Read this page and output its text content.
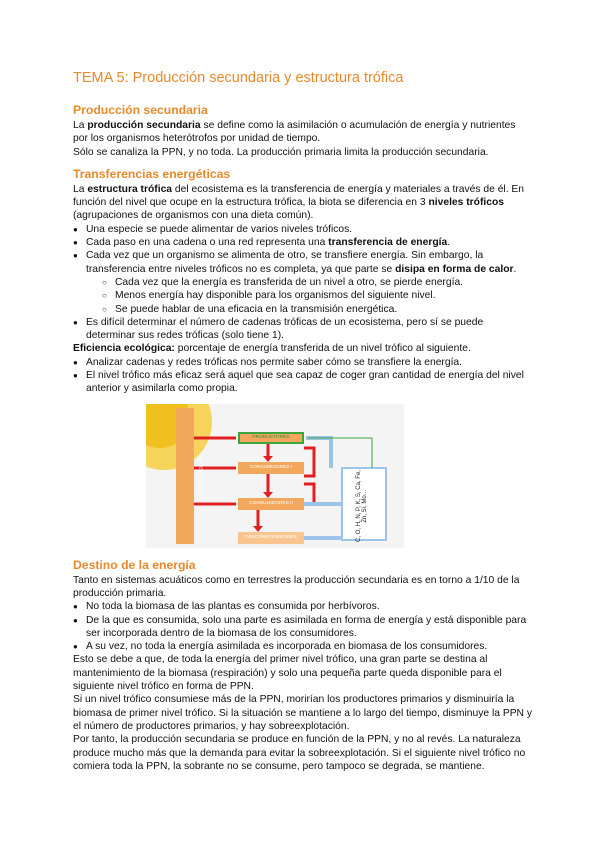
TEMA 5: Producción secundaria y estructura trófica
Producción secundaria

La producción secundaria se define como la asimilación o acumulación de energía y nutrientes por los organismos heterótrofos por unidad de tiempo.

Sólo se canaliza la PPN, y no toda. La producción primaria limita la producción secundaria.

Transferencias energéticas

La estructura trófica del ecosistema es la transferencia de energía y materiales a través de él. En función del nivel que ocupe en la estructura trófica, la biota se diferencia en 3 niveles tróficos (agrupaciones de organismos con una dieta común).

● Una especie se puede alimentar de varios niveles tróficos.
● Cada paso en una cadena o una red representa una transferencia de energía.
● Cada vez que un organismo se alimenta de otro, se transfiere energía. Sin embargo, la transferencia entre niveles tróficos no es completa, ya que parte se disipa en forma de calor.
○ Cada vez que la energía es transferida de un nivel a otro, se pierde energía.
○ Menos energía hay disponible para los organismos del siguiente nivel.
○ Se puede hablar de una eficacia en la transmisión energética.
● Es difícil determinar el número de cadenas tróficas de un ecosistema, pero sí se puede determinar sus redes tróficas (solo tiene 1).

Eficiencia ecológica: porcentaje de energía transferida de un nivel trófico al siguiente.

● Analizar cadenas y redes tróficas nos permite saber cómo se transfiere la energía.
● El nivel trófico más eficaz será aquel que sea capaz de coger gran cantidad de energía del nivel anterior y asimilarla como propia.
PRODUCTORES
CONSUMIDORES I
CONSUMIDORES II
DESCOMPONEDORES
ENERGÍA SOLAR	C, O, H, N, P, K, S, Ca, Fe, Zn, Si, Mo…
Destino de la energía

Tanto en sistemas acuáticos como en terrestres la producción secundaria es en torno a 1/10 de la producción primaria.

● No toda la biomasa de las plantas es consumida por herbívoros.
● De la que es consumida, solo una parte es asimilada en forma de energía y está disponible para ser incorporada dentro de la biomasa de los consumidores.
● A su vez, no toda la energía asimilada es incorporada en biomasa de los consumidores.

Esto se debe a que, de toda la energía del primer nivel trófico, una gran parte se destina al mantenimiento de la biomasa (respiración) y solo una pequeña parte queda disponible para el siguiente nivel trófico en forma de PPN.

Si un nivel trófico consumiese más de la PPN, morirían los productores primarios y disminuiría la biomasa de primer nivel trófico. Si la situación se mantiene a lo largo del tiempo, disminuye la PPN y el número de productores primarios, y hay sobreexplotación.

Por tanto, la producción secundaria se produce en función de la PPN, y no al revés. La naturaleza produce mucho más que la demanda para evitar la sobreexplotación. Si el siguiente nivel trófico no comiera toda la PPN, la sobrante no se consume, pero tampoco se degrada, se mantiene.
